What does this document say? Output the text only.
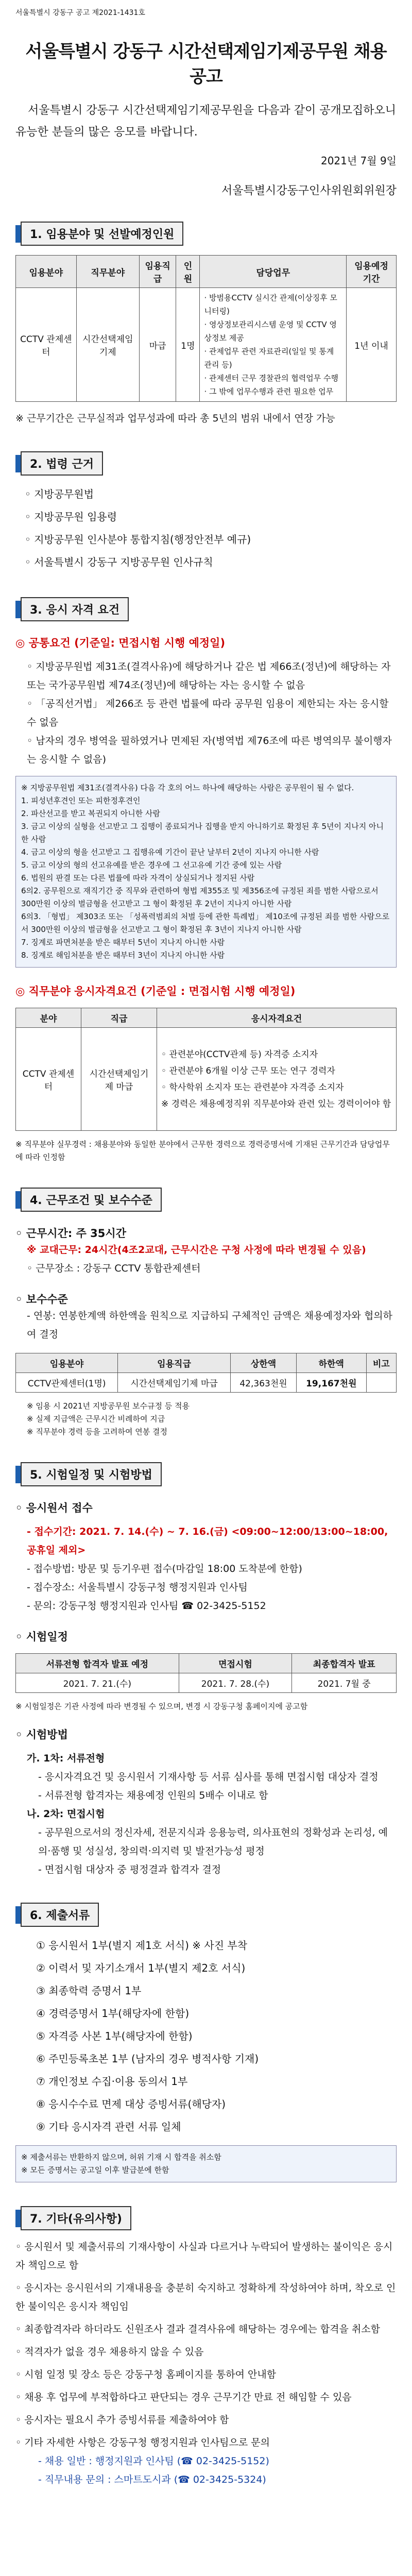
서울특별시 강동구 공고 제2021-1431호
서울특별시 강동구 시간선택제임기제공무원 채용 공고
서울특별시 강동구 시간선택제임기제공무원을 다음과 같이 공개모집하오니 유능한 분들의 많은 응모를 바랍니다.
2021년 7월 9일
서울특별시강동구인사위원회위원장
1. 임용분야 및 선발예정인원
임용분야	직무분야	임용직급	인원	담당업무	임용예정기간
CCTV 관제센터	시간선택제임기제	마급	1명	· 방범용CCTV 실시간 관제(이상징후 모니터링)
· 영상정보관리시스템 운영 및 CCTV 영상정보 제공
· 관제업무 관련 자료관리(일일 및 통계 관리 등)
· 관제센터 근무 경찰관의 협력업무 수행
· 그 밖에 업무수행과 관련 필요한 업무	1년 이내
※ 근무기간은 근무실적과 업무성과에 따라 총 5년의 범위 내에서 연장 가능
2. 법령 근거
◦ 지방공무원법
◦ 지방공무원 임용령
◦ 지방공무원 인사분야 통합지침(행정안전부 예규)
◦ 서울특별시 강동구 지방공무원 인사규칙
3. 응시 자격 요건
◎ 공통요건 (기준일: 면접시험 시행 예정일)
◦ 지방공무원법 제31조(결격사유)에 해당하거나 같은 법 제66조(정년)에 해당하는 자 또는 국가공무원법 제74조(정년)에 해당하는 자는 응시할 수 없음
◦ 「공직선거법」 제266조 등 관련 법률에 따라 공무원 임용이 제한되는 자는 응시할 수 없음
◦ 남자의 경우 병역을 필하였거나 면제된 자(병역법 제76조에 따른 병역의무 불이행자는 응시할 수 없음)
※ 지방공무원법 제31조(결격사유) 다음 각 호의 어느 하나에 해당하는 사람은 공무원이 될 수 없다.
1. 피성년후견인 또는 피한정후견인
2. 파산선고를 받고 복권되지 아니한 사람
3. 금고 이상의 실형을 선고받고 그 집행이 종료되거나 집행을 받지 아니하기로 확정된 후 5년이 지나지 아니한 사람
4. 금고 이상의 형을 선고받고 그 집행유예 기간이 끝난 날부터 2년이 지나지 아니한 사람
5. 금고 이상의 형의 선고유예를 받은 경우에 그 선고유예 기간 중에 있는 사람
6. 법원의 판결 또는 다른 법률에 따라 자격이 상실되거나 정지된 사람
6의2. 공무원으로 재직기간 중 직무와 관련하여 형법 제355조 및 제356조에 규정된 죄를 범한 사람으로서 300만원 이상의 벌금형을 선고받고 그 형이 확정된 후 2년이 지나지 아니한 사람
6의3. 「형법」 제303조 또는 「성폭력범죄의 처벌 등에 관한 특례법」 제10조에 규정된 죄를 범한 사람으로서 300만원 이상의 벌금형을 선고받고 그 형이 확정된 후 3년이 지나지 아니한 사람
7. 징계로 파면처분을 받은 때부터 5년이 지나지 아니한 사람
8. 징계로 해임처분을 받은 때부터 3년이 지나지 아니한 사람
◎ 직무분야 응시자격요건 (기준일 : 면접시험 시행 예정일)
분야	직급	응시자격요건
CCTV 관제센터	시간선택제임기제 마급	◦ 관련분야(CCTV관제 등) 자격증 소지자
◦ 관련분야 6개월 이상 근무 또는 연구 경력자
◦ 학사학위 소지자 또는 관련분야 자격증 소지자
※ 경력은 채용예정직위 직무분야와 관련 있는 경력이어야 함
※ 직무분야 실무경력 : 채용분야와 동일한 분야에서 근무한 경력으로 경력증명서에 기재된 근무기간과 담당업무에 따라 인정함
4. 근무조건 및 보수수준
◦ 근무시간: 주 35시간
※ 교대근무: 24시간(4조2교대, 근무시간은 구청 사정에 따라 변경될 수 있음)
◦ 근무장소 : 강동구 CCTV 통합관제센터
◦ 보수수준
- 연봉: 연봉한계액 하한액을 원칙으로 지급하되 구체적인 금액은 채용예정자와 협의하여 결정
임용분야	임용직급	상한액	하한액	비고
CCTV관제센터(1명)	시간선택제임기제 마급	42,363천원	19,167천원	
※ 임용 시 2021년 지방공무원 보수규정 등 적용
※ 실제 지급액은 근무시간 비례하여 지급
※ 직무분야 경력 등을 고려하여 연봉 결정
5. 시험일정 및 시험방법
◦ 응시원서 접수
- 접수기간: 2021. 7. 14.(수) ~ 7. 16.(금) <09:00~12:00/13:00~18:00, 공휴일 제외>
- 접수방법: 방문 및 등기우편 접수(마감일 18:00 도착분에 한함)
- 접수장소: 서울특별시 강동구청 행정지원과 인사팀
- 문의: 강동구청 행정지원과 인사팀 ☎ 02-3425-5152
◦ 시험일정
서류전형 합격자 발표 예정	면접시험	최종합격자 발표
2021. 7. 21.(수)	2021. 7. 28.(수)	2021. 7월 중
※ 시험일정은 기관 사정에 따라 변경될 수 있으며, 변경 시 강동구청 홈페이지에 공고함
◦ 시험방법
가. 1차: 서류전형
- 응시자격요건 및 응시원서 기재사항 등 서류 심사를 통해 면접시험 대상자 결정
- 서류전형 합격자는 채용예정 인원의 5배수 이내로 함
나. 2차: 면접시험
- 공무원으로서의 정신자세, 전문지식과 응용능력, 의사표현의 정확성과 논리성, 예의·품행 및 성실성, 창의력·의지력 및 발전가능성 평정
- 면접시험 대상자 중 평정결과 합격자 결정
6. 제출서류
① 응시원서 1부(별지 제1호 서식) ※ 사진 부착
② 이력서 및 자기소개서 1부(별지 제2호 서식)
③ 최종학력 증명서 1부
④ 경력증명서 1부(해당자에 한함)
⑤ 자격증 사본 1부(해당자에 한함)
⑥ 주민등록초본 1부 (남자의 경우 병적사항 기재)
⑦ 개인정보 수집·이용 동의서 1부
⑧ 응시수수료 면제 대상 증빙서류(해당자)
⑨ 기타 응시자격 관련 서류 일체
※ 제출서류는 반환하지 않으며, 허위 기재 시 합격을 취소함
※ 모든 증명서는 공고일 이후 발급분에 한함
7. 기타(유의사항)
◦ 응시원서 및 제출서류의 기재사항이 사실과 다르거나 누락되어 발생하는 불이익은 응시자 책임으로 함
◦ 응시자는 응시원서의 기재내용을 충분히 숙지하고 정확하게 작성하여야 하며, 착오로 인한 불이익은 응시자 책임임
◦ 최종합격자라 하더라도 신원조사 결과 결격사유에 해당하는 경우에는 합격을 취소함
◦ 적격자가 없을 경우 채용하지 않을 수 있음
◦ 시험 일정 및 장소 등은 강동구청 홈페이지를 통하여 안내함
◦ 채용 후 업무에 부적합하다고 판단되는 경우 근무기간 만료 전 해임할 수 있음
◦ 응시자는 필요시 추가 증빙서류를 제출하여야 함
◦ 기타 자세한 사항은 강동구청 행정지원과 인사팀으로 문의
- 채용 일반 : 행정지원과 인사팀 (☎ 02-3425-5152)
- 직무내용 문의 : 스마트도시과 (☎ 02-3425-5324)
